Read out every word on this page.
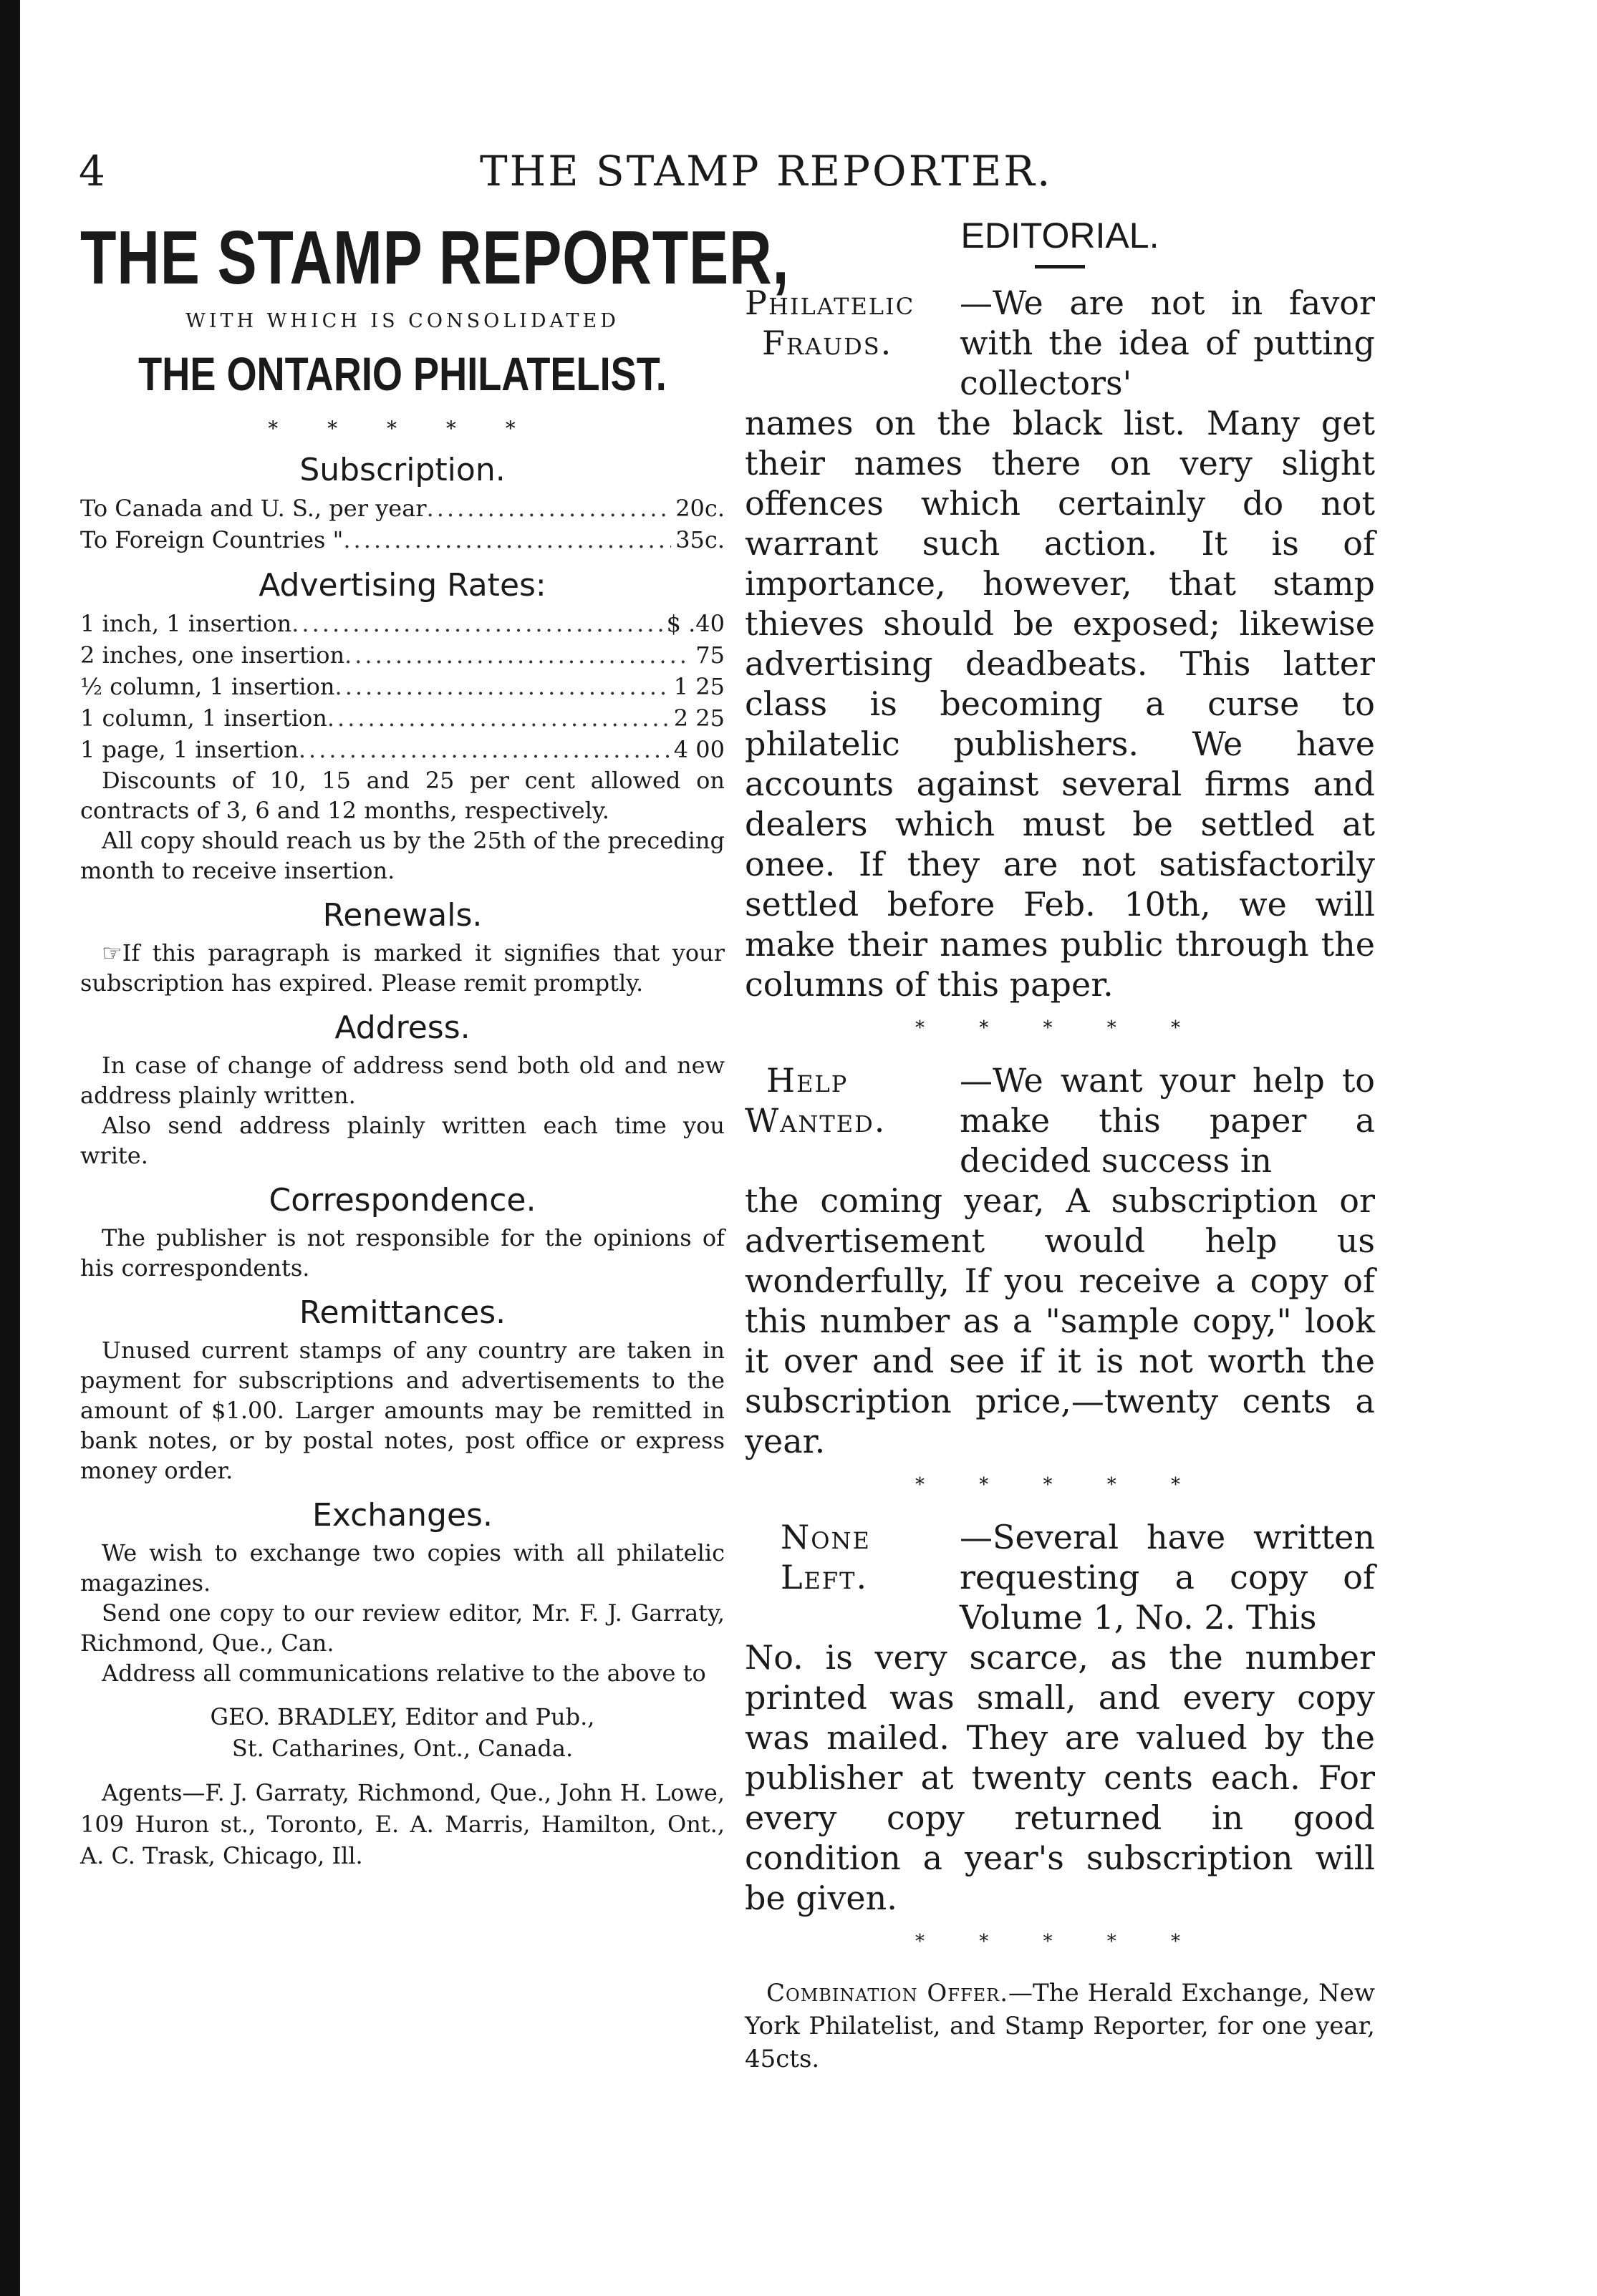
4	THE STAMP REPORTER.
THE STAMP REPORTER,
WITH WHICH IS CONSOLIDATED
THE ONTARIO PHILATELIST.
* * * * *
Subscription.
To Canada and U. S., per year .....	20c.
To Foreign Countries " .....	35c.
Advertising Rates:
1 inch, 1 insertion .....	$ .40
2 inches, one insertion .....	75
½ column, 1 insertion .....	1 25
1 column, 1 insertion .....	2 25
1 page, 1 insertion .....	4 00

Discounts of 10, 15 and 25 per cent allowed on contracts of 3, 6 and 12 months, respectively.

All copy should reach us by the 25th of the preceding month to receive insertion.

Renewals.

☞If this paragraph is marked it signifies that your subscription has expired. Please remit promptly.

Address.

In case of change of address send both old and new address plainly written.

Also send address plainly written each time you write.

Correspondence.

The publisher is not responsible for the opinions of his correspondents.

Remittances.

Unused current stamps of any country are taken in payment for subscriptions and advertisements to the amount of $1.00. Larger amounts may be remitted in bank notes, or by postal notes, post office or express money order.

Exchanges.

We wish to exchange two copies with all philatelic magazines.

Send one copy to our review editor, Mr. F. J. Garraty, Richmond, Que., Can.

Address all communications relative to the above to

GEO. BRADLEY, Editor and Pub.,
St. Catharines, Ont., Canada.

Agents—F. J. Garraty, Richmond, Que., John H. Lowe, 109 Huron st., Toronto, E. A. Marris, Hamilton, Ont., A. C. Trask, Chicago, Ill.

EDITORIAL.
Philatelic
Frauds.
—We are not in favor with the idea of putting collectors'
names on the black list. Many get their names there on very slight offences which certainly do not warrant such action. It is of importance, however, that stamp thieves should be exposed; likewise advertising deadbeats. This latter class is becoming a curse to philatelic publishers. We have accounts against several firms and dealers which must be settled at onee. If they are not satisfactorily settled before Feb. 10th, we will make their names public through the columns of this paper.
* * * * *
Help
Wanted.
—We want your help to make this paper a decided success in
the coming year, A subscription or advertisement would help us wonderfully, If you receive a copy of this number as a "sample copy," look it over and see if it is not worth the subscription price,—twenty cents a year.
* * * * *
None
Left.
—Several have written requesting a copy of Volume 1, No. 2. This
No. is very scarce, as the number printed was small, and every copy was mailed. They are valued by the publisher at twenty cents each. For every copy returned in good condition a year's subscription will be given.
* * * * *

Combination Offer.—The Herald Exchange, New York Philatelist, and Stamp Reporter, for one year, 45cts.
